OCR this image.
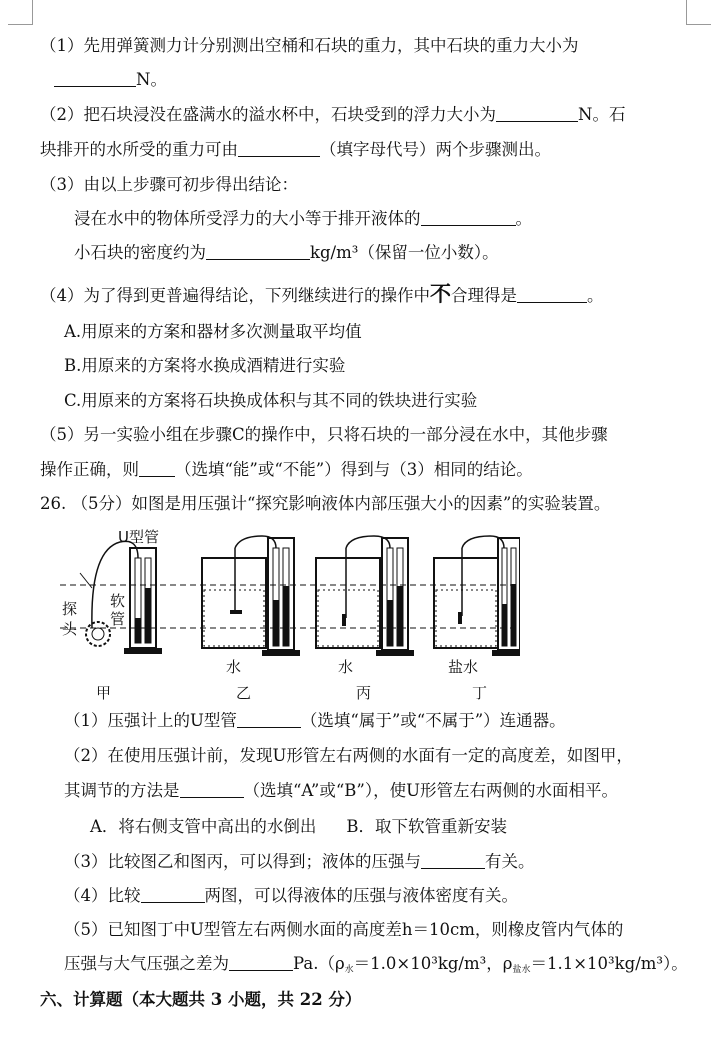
（1）先用弹簧测力计分别测出空桶和石块的重力，其中石块的重力大小为
N。
（2）把石块浸没在盛满水的溢水杯中，石块受到的浮力大小为	N。石
块排开的水所受的重力可由	（填字母代号）两个步骤测出。
（3）由以上步骤可初步得出结论：
浸在水中的物体所受浮力的大小等于排开液体的	。
小石块的密度约为	kg/m³（保留一位小数）。
（4）为了得到更普遍得结论，下列继续进行的操作中不合理得是	。
A.用原来的方案和器材多次测量取平均值
B.用原来的方案将水换成酒精进行实验
C.用原来的方案将石块换成体积与其不同的铁块进行实验
（5）另一实验小组在步骤C的操作中，只将石块的一部分浸在水中，其他步骤
操作正确，则 （选填“能”或“不能”）得到与（3）相同的结论。
26. （5分）如图是用压强计“探究影响液体内部压强大小的因素”的实验装置。
U型管
软
管
探
头
水	水	盐水
甲	乙	丙	丁
（1）压强计上的U型管	（选填“属于”或“不属于”）连通器。
（2）在使用压强计前，发现U形管左右两侧的水面有一定的高度差，如图甲，
其调节的方法是	（选填“A”或“B”），使U形管左右两侧的水面相平。
A．将右侧支管中高出的水倒出 B．取下软管重新安装
（3）比较图乙和图丙，可以得到；液体的压强与	有关。
（4）比较	两图，可以得液体的压强与液体密度有关。
（5）已知图丁中U型管左右两侧水面的高度差h＝10cm，则橡皮管内气体的
压强与大气压强之差为	$Pa.(\rho_水=1.0\times 10^3kg/m^3$，$\rho_{盐水}=1.1\times 10^3kg/m^3$）。
六、计算题（本大题共 3 小题，共 22 分）
